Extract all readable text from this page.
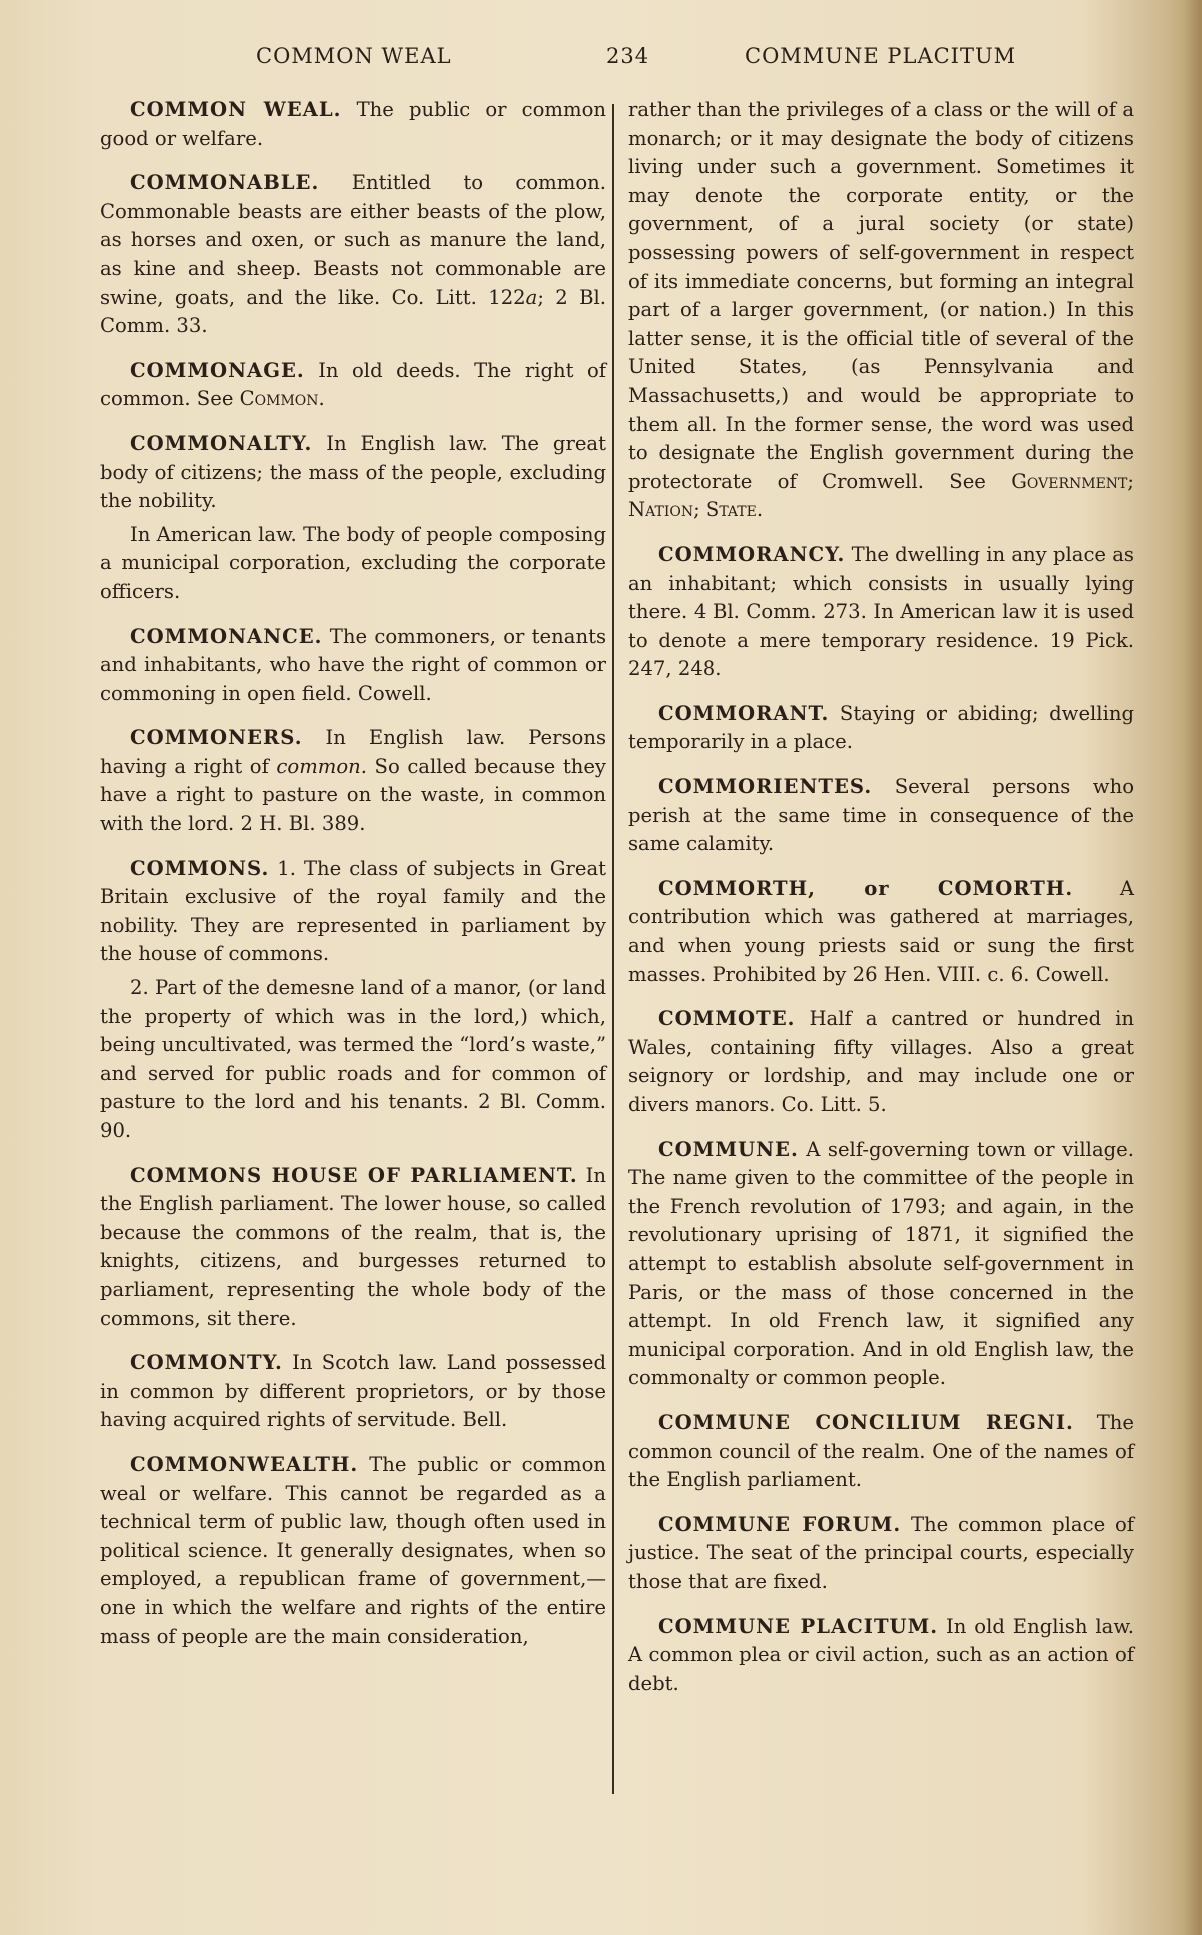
COMMON WEAL	234	COMMUNE PLACITUM

COMMON WEAL. The public or common good or welfare.

COMMONABLE. Entitled to common. Commonable beasts are either beasts of the plow, as horses and oxen, or such as manure the land, as kine and sheep. Beasts not commonable are swine, goats, and the like. Co. Litt. 122a; 2 Bl. Comm. 33.

COMMONAGE. In old deeds. The right of common. See Common.

COMMONALTY. In English law. The great body of citizens; the mass of the people, excluding the nobility.

In American law. The body of people composing a municipal corporation, excluding the corporate officers.

COMMONANCE. The commoners, or tenants and inhabitants, who have the right of common or commoning in open field. Cowell.

COMMONERS. In English law. Persons having a right of common. So called because they have a right to pasture on the waste, in common with the lord. 2 H. Bl. 389.

COMMONS. 1. The class of subjects in Great Britain exclusive of the royal family and the nobility. They are represented in parliament by the house of commons.

2. Part of the demesne land of a manor, (or land the property of which was in the lord,) which, being uncultivated, was termed the “lord’s waste,” and served for public roads and for common of pasture to the lord and his tenants. 2 Bl. Comm. 90.

COMMONS HOUSE OF PARLIAMENT. In the English parliament. The lower house, so called because the commons of the realm, that is, the knights, citizens, and burgesses returned to parliament, representing the whole body of the commons, sit there.

COMMONTY. In Scotch law. Land possessed in common by different proprietors, or by those having acquired rights of servitude. Bell.

COMMONWEALTH. The public or common weal or welfare. This cannot be regarded as a technical term of public law, though often used in political science. It generally designates, when so employed, a republican frame of government,—one in which the welfare and rights of the entire mass of people are the main consideration,

rather than the privileges of a class or the will of a monarch; or it may designate the body of citizens living under such a government. Sometimes it may denote the corporate entity, or the government, of a jural society (or state) possessing powers of self-government in respect of its immediate concerns, but forming an integral part of a larger government, (or nation.) In this latter sense, it is the official title of several of the United States, (as Pennsylvania and Massachusetts,) and would be appropriate to them all. In the former sense, the word was used to designate the English government during the protectorate of Cromwell. See Government; Nation; State.

COMMORANCY. The dwelling in any place as an inhabitant; which consists in usually lying there. 4 Bl. Comm. 273. In American law it is used to denote a mere temporary residence. 19 Pick. 247, 248.

COMMORANT. Staying or abiding; dwelling temporarily in a place.

COMMORIENTES. Several persons who perish at the same time in consequence of the same calamity.

COMMORTH, or COMORTH. A contribution which was gathered at marriages, and when young priests said or sung the first masses. Prohibited by 26 Hen. VIII. c. 6. Cowell.

COMMOTE. Half a cantred or hundred in Wales, containing fifty villages. Also a great seignory or lordship, and may include one or divers manors. Co. Litt. 5.

COMMUNE. A self-governing town or village. The name given to the committee of the people in the French revolution of 1793; and again, in the revolutionary uprising of 1871, it signified the attempt to establish absolute self-government in Paris, or the mass of those concerned in the attempt. In old French law, it signified any municipal corporation. And in old English law, the commonalty or common people.

COMMUNE CONCILIUM REGNI. The common council of the realm. One of the names of the English parliament.

COMMUNE FORUM. The common place of justice. The seat of the principal courts, especially those that are fixed.

COMMUNE PLACITUM. In old English law. A common plea or civil action, such as an action of debt.
